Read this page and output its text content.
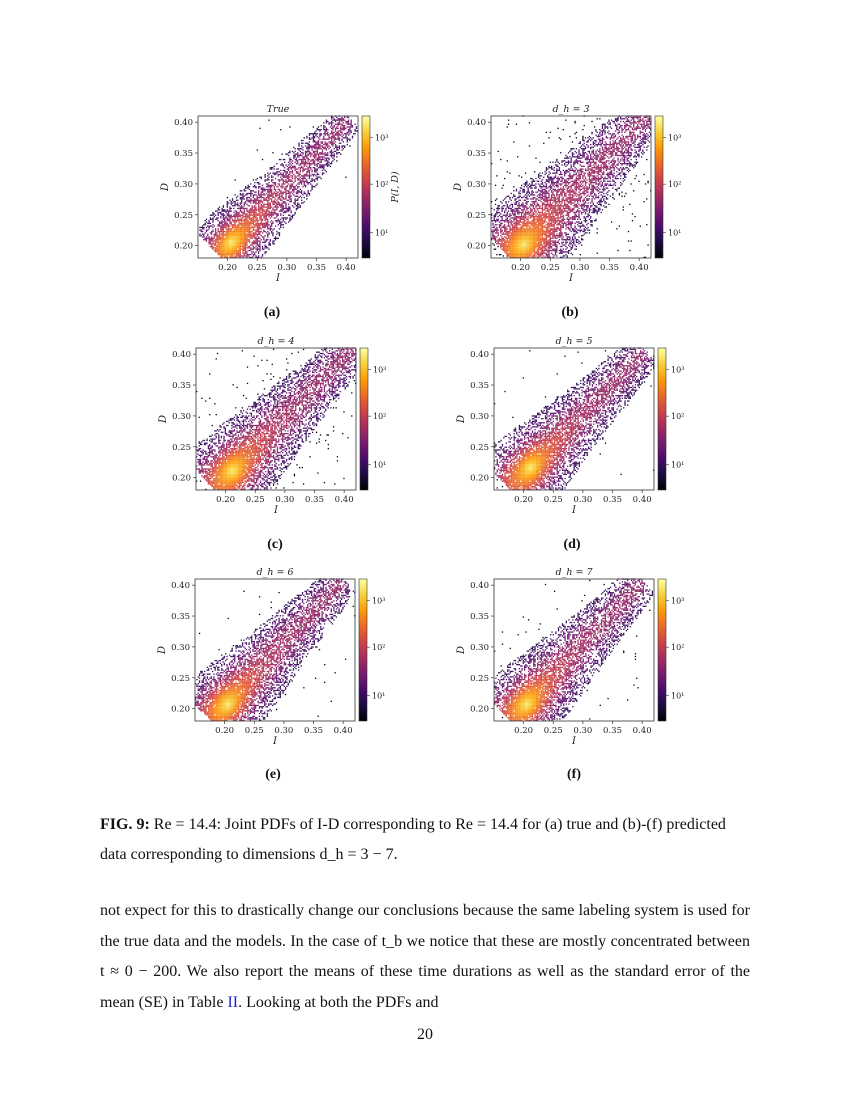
0.20 0.25 0.30 0.35 0.40
0.20
0.25
0.30
0.35
0.40
True
I
D
10¹
10²
10³
P(I, D)
(a)
0.20 0.25 0.30 0.35 0.40
0.20
0.25
0.30
0.35
0.40
d_h = 3
I
D
10¹
10²
10³
(b)
0.20 0.25 0.30 0.35 0.40
0.20
0.25
0.30
0.35
0.40
d_h = 4
I
D
10¹
10²
10³
(c)
0.20 0.25 0.30 0.35 0.40
0.20
0.25
0.30
0.35
0.40
d_h = 5
I
D
10¹
10²
10³
(d)
0.20 0.25 0.30 0.35 0.40
0.20
0.25
0.30
0.35
0.40
d_h = 6
I
D
10¹
10²
10³
(e)
0.20 0.25 0.30 0.35 0.40
0.20
0.25
0.30
0.35
0.40
d_h = 7
I
D
10¹
10²
10³
(f)
FIG. 9: Re = 14.4: Joint PDFs of I-D corresponding to Re = 14.4 for (a) true and (b)-(f) predicted data corresponding to dimensions d_h = 3 − 7.
not expect for this to drastically change our conclusions because the same labeling system is used for the true data and the models. In the case of t_b we notice that these are mostly concentrated between t ≈ 0 − 200. We also report the means of these time durations as well as the standard error of the mean (SE) in Table II. Looking at both the PDFs and
20
